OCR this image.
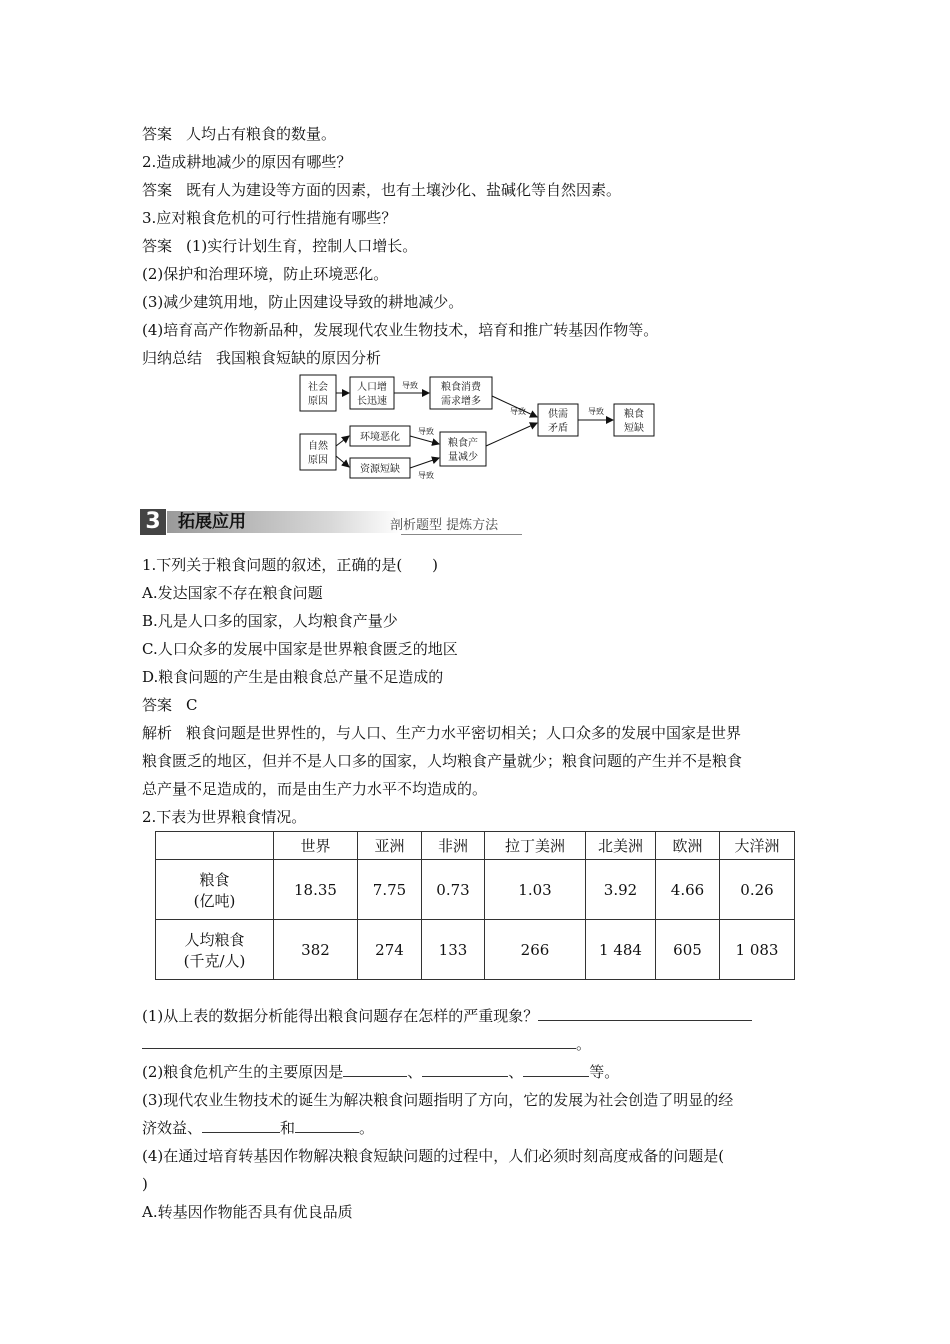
答案 人均占有粮食的数量。
2.造成耕地减少的原因有哪些？
答案 既有人为建设等方面的因素，也有土壤沙化、盐碱化等自然因素。
3.应对粮食危机的可行性措施有哪些？
答案 (1)实行计划生育，控制人口增长。
(2)保护和治理环境，防止环境恶化。
(3)减少建筑用地，防止因建设导致的耕地减少。
(4)培育高产作物新品种，发展现代农业生物技术，培育和推广转基因作物等。
归纳总结 我国粮食短缺的原因分析
社会
原因
自然
原因
人口增
长迅速
粮食消费
需求增多
环境恶化
资源短缺
粮食产
量减少
供需
矛盾
粮食
短缺
导致
导致	导致
导致
导致
3	拓展应用	剖析题型 提炼方法
1.下列关于粮食问题的叙述，正确的是(　　)
A.发达国家不存在粮食问题
B.凡是人口多的国家，人均粮食产量少
C.人口众多的发展中国家是世界粮食匮乏的地区
D.粮食问题的产生是由粮食总产量不足造成的
答案 C
解析 粮食问题是世界性的，与人口、生产力水平密切相关；人口众多的发展中国家是世界
粮食匮乏的地区，但并不是人口多的国家，人均粮食产量就少；粮食问题的产生并不是粮食
总产量不足造成的，而是由生产力水平不均造成的。
2.下表为世界粮食情况。
	世界	亚洲	非洲	拉丁美洲	北美洲	欧洲	大洋洲

粮食
(亿吨)	18.35	7.75	0.73	1.03	3.92	4.66	0.26

人均粮食
(千克/人)	382	274	133	266	1 484	605	1 083
(1)从上表的数据分析能得出粮食问题存在怎样的严重现象？
。
(2)粮食危机产生的主要原因是	、	、	等。
(3)现代农业生物技术的诞生为解决粮食问题指明了方向，它的发展为社会创造了明显的经
济效益、	和	。
(4)在通过培育转基因作物解决粮食短缺问题的过程中，人们必须时刻高度戒备的问题是(
)
A.转基因作物能否具有优良品质
